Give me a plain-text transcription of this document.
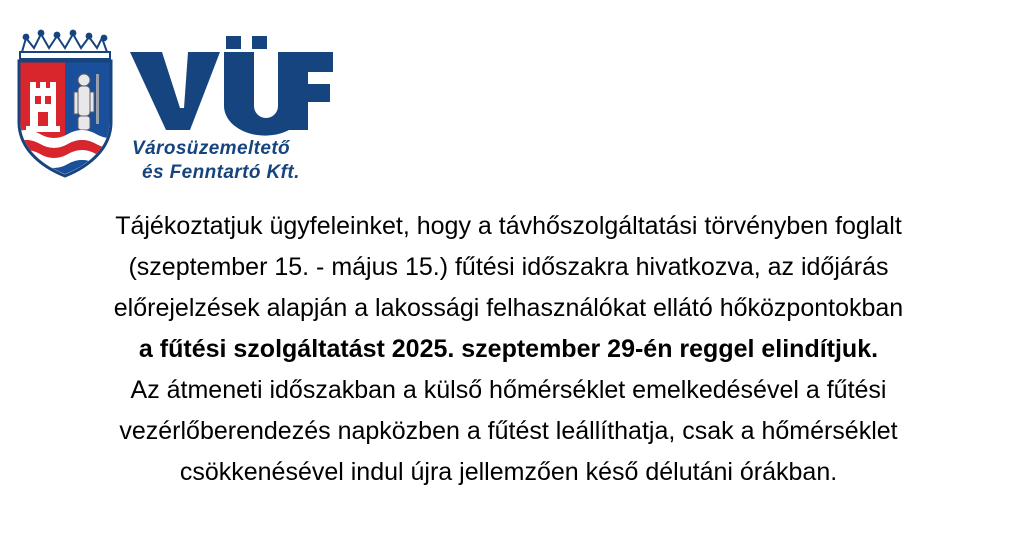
Városüzemeltető
és Fenntartó Kft.
Tájékoztatjuk ügyfeleinket, hogy a távhőszolgáltatási törvényben foglalt
(szeptember 15. - május 15.) fűtési időszakra hivatkozva, az időjárás
előrejelzések alapján a lakossági felhasználókat ellátó hőközpontokban
a fűtési szolgáltatást 2025. szeptember 29-én reggel elindítjuk.
Az átmeneti időszakban a külső hőmérséklet emelkedésével a fűtési
vezérlőberendezés napközben a fűtést leállíthatja, csak a hőmérséklet
csökkenésével indul újra jellemzően késő délutáni órákban.
